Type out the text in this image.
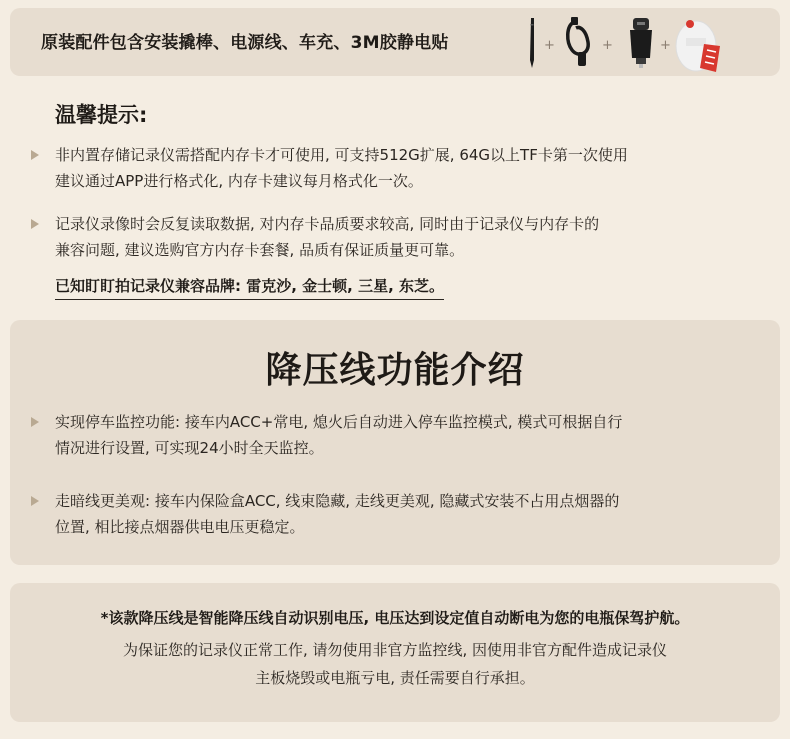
原装配件包含安装撬棒、电源线、车充、3M胶静电贴	+	+	+
温馨提示:
非内置存储记录仪需搭配内存卡才可使用, 可支持512G扩展, 64G以上TF卡第一次使用
建议通过APP进行格式化, 内存卡建议每月格式化一次。
记录仪录像时会反复读取数据, 对内存卡品质要求较高, 同时由于记录仪与内存卡的
兼容问题, 建议选购官方内存卡套餐, 品质有保证质量更可靠。
已知盯盯拍记录仪兼容品牌: 雷克沙, 金士顿, 三星, 东芝。
降压线功能介绍
实现停车监控功能: 接车内ACC+常电, 熄火后自动进入停车监控模式, 模式可根据自行
情况进行设置, 可实现24小时全天监控。
走暗线更美观: 接车内保险盒ACC, 线束隐藏, 走线更美观, 隐藏式安装不占用点烟器的
位置, 相比接点烟器供电电压更稳定。
*该款降压线是智能降压线自动识别电压, 电压达到设定值自动断电为您的电瓶保驾护航。
为保证您的记录仪正常工作, 请勿使用非官方监控线, 因使用非官方配件造成记录仪
主板烧毁或电瓶亏电, 责任需要自行承担。
